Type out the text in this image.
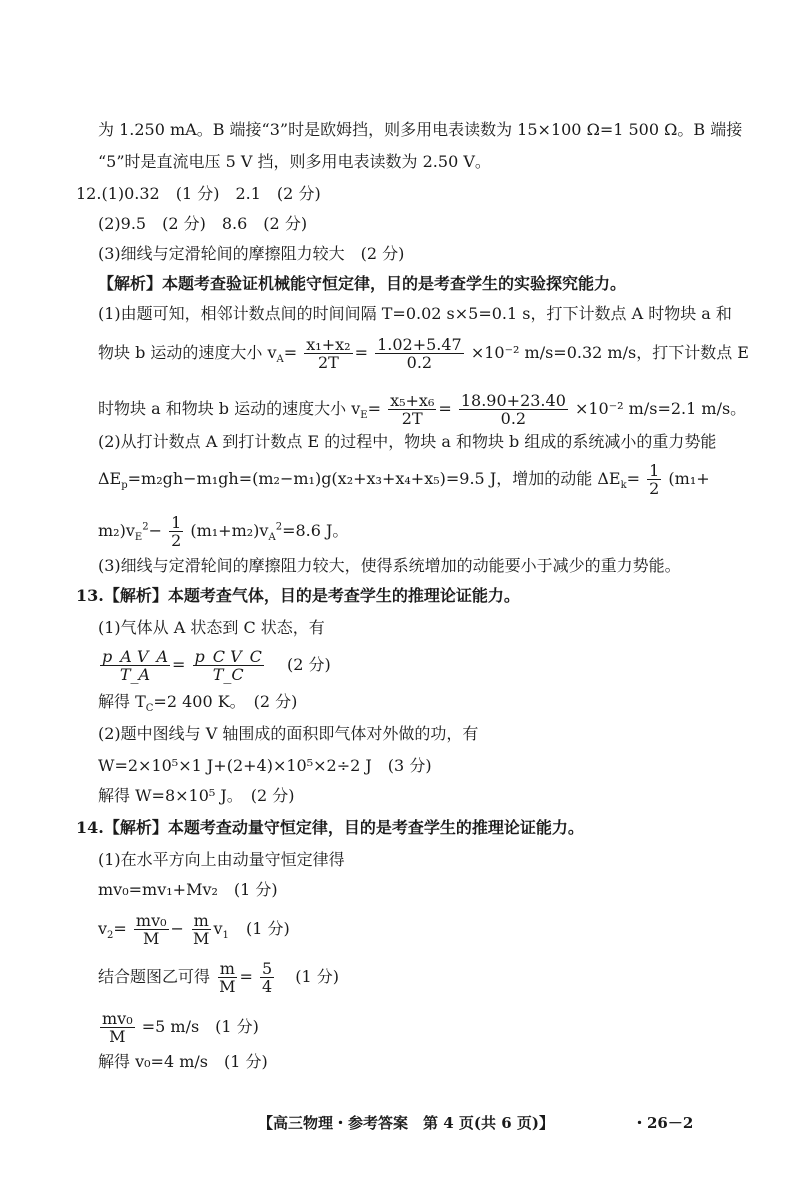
为 1.250 mA。B 端接“3”时是欧姆挡，则多用电表读数为 15×100 Ω=1 500 Ω。B 端接
“5”时是直流电压 5 V 挡，则多用电表读数为 2.50 V。
12.(1)0.32　(1 分)　2.1　(2 分)
(2)9.5　(2 分)　8.6　(2 分)
(3)细线与定滑轮间的摩擦阻力较大　(2 分)
【解析】本题考查验证机械能守恒定律，目的是考查学生的实验探究能力。
(1)由题可知，相邻计数点间的时间间隔 T=0.02 s×5=0.1 s，打下计数点 A 时物块 a 和
物块 b 运动的速度大小 $v_A= \frac{\text{x₁+x₂}}{2T} = \frac{1.02+5.47}{0.2} \times 10^{-2}$ m/s=0.32 m/s，打下计数点 E
时物块 a 和物块 b 运动的速度大小 $v_E= \frac{\text{x₅+x₆}}{2T} = \frac{18.90+23.40}{0.2} \times 10^{-2}$ m/s=2.1 m/s。
(2)从打计数点 A 到打计数点 E 的过程中，物块 a 和物块 b 组成的系统减小的重力势能
$\Delta E_p=m_2gh-m_1gh=(m_2-m_1)g(x_2+x_3+x_4+x_5)=9.5$ J，增加的动能 $\Delta E_k= \frac{1}{2} (m_1+$
$m_2)v_E^2- \frac{1}{2} (m_1+m_2)v_A^2=8.6$ J。
(3)细线与定滑轮间的摩擦阻力较大，使得系统增加的动能要小于减少的重力势能。
13.【解析】本题考查气体，目的是考查学生的推理论证能力。
(1)气体从 A 状态到 C 状态，有
$\frac{\text{p\_A V\_A}}{T\_A} = \frac{\text{p\_C V\_C}}{T\_C} (2$ 分)
解得 $T_C=2$ 400 K。　(2 分)
(2)题中图线与 V 轴围成的面积即气体对外做的功，有
W=2×10⁵×1 J+(2+4)×10⁵×2÷2 J　(3 分)
解得 W=8×10⁵ J。　(2 分)
14.【解析】本题考查动量守恒定律，目的是考查学生的推理论证能力。
(1)在水平方向上由动量守恒定律得
mv₀=mv₁+Mv₂　(1 分)
$v_2= \frac{\text{mv₀}}{M} - \frac{m}{M} v_1$ (1 分)
结合题图乙可得 $\frac{m}{M} = \frac{5}{4} (1$ 分)
$\frac{\text{mv₀}}{M} =5$ m/s　(1 分)
解得 v₀=4 m/s　(1 分)
【高三物理・参考答案　第 4 页(共 6 页)】	・26－2
